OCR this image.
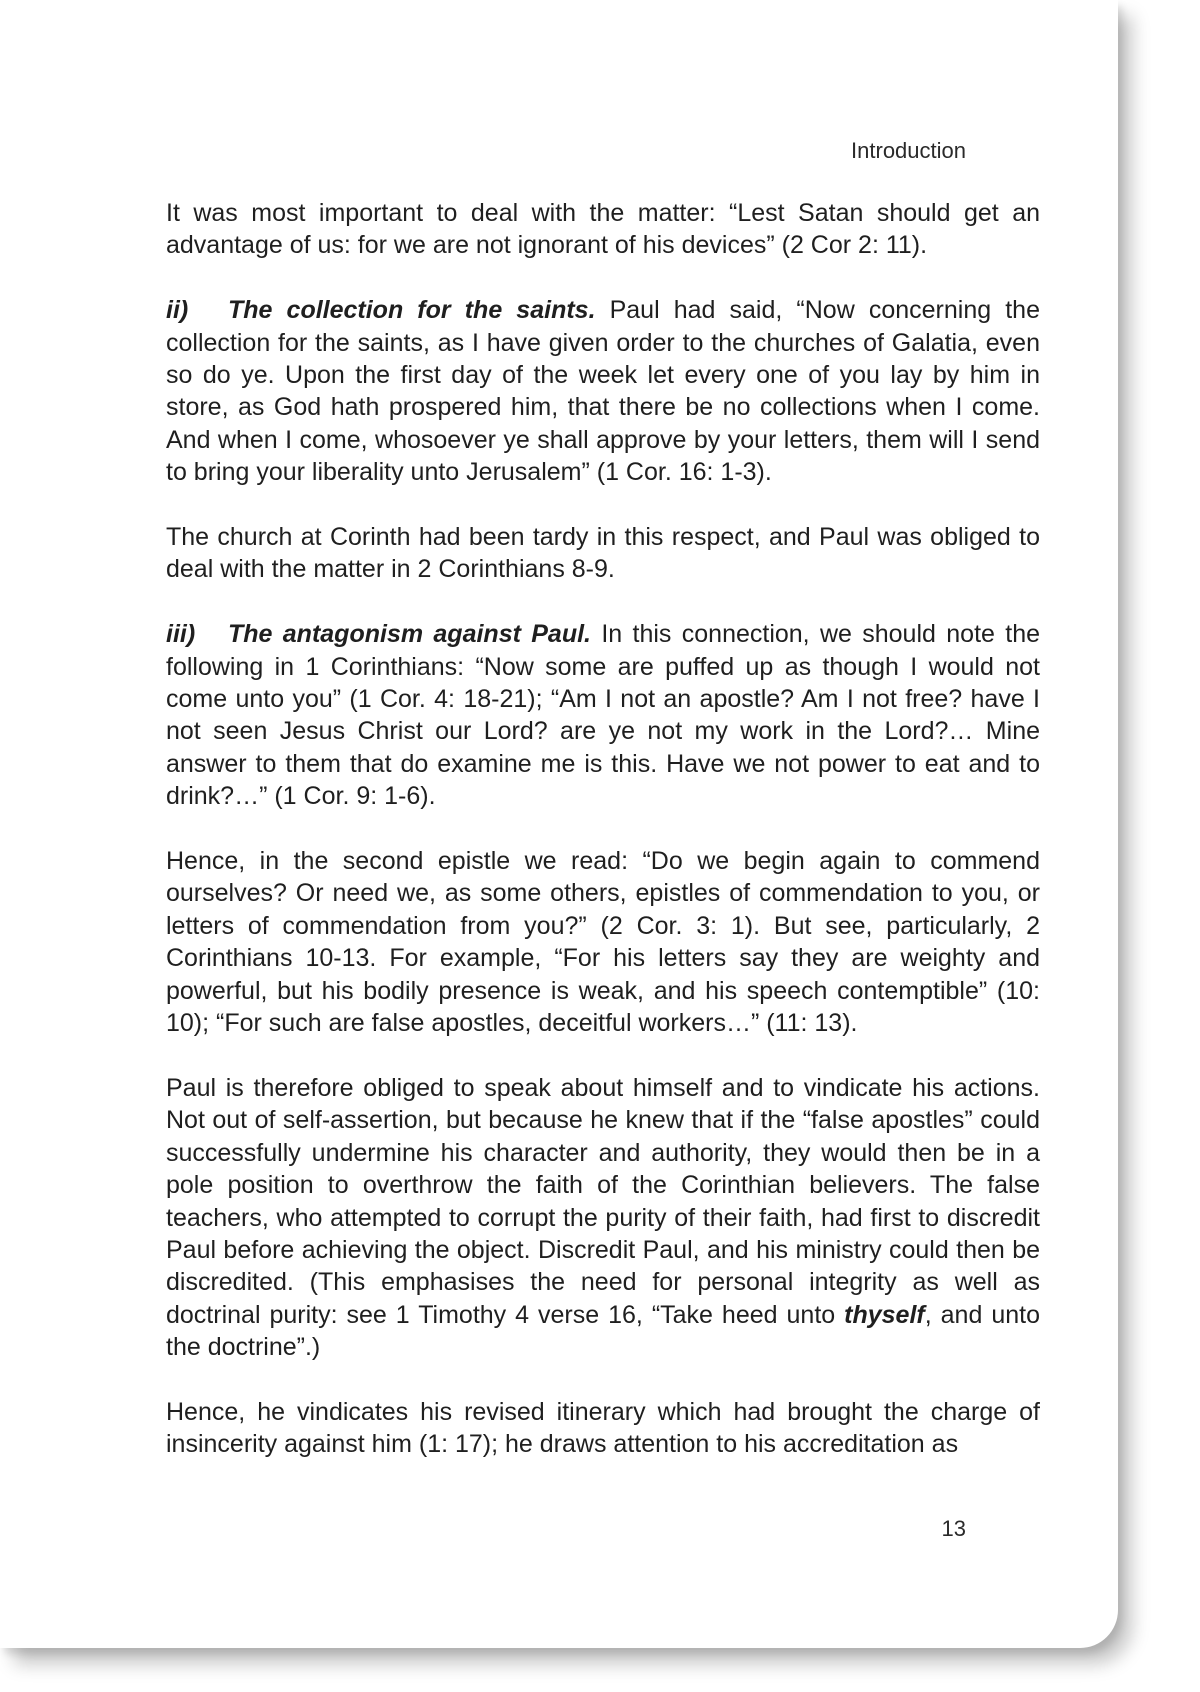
Introduction

It was most important to deal with the matter: “Lest Satan should get an advantage of us: for we are not ignorant of his devices” (2 Cor 2: 11).

ii) The collection for the saints. Paul had said, “Now concerning the collection for the saints, as I have given order to the churches of Galatia, even so do ye. Upon the first day of the week let every one of you lay by him in store, as God hath prospered him, that there be no collections when I come. And when I come, whosoever ye shall approve by your letters, them will I send to bring your liberality unto Jerusalem” (1 Cor. 16: 1-3).

The church at Corinth had been tardy in this respect, and Paul was obliged to deal with the matter in 2 Corinthians 8-9.

iii) The antagonism against Paul. In this connection, we should note the following in 1 Corinthians: “Now some are puffed up as though I would not come unto you” (1 Cor. 4: 18-21); “Am I not an apostle? Am I not free? have I not seen Jesus Christ our Lord? are ye not my work in the Lord?… Mine answer to them that do examine me is this. Have we not power to eat and to drink?…” (1 Cor. 9: 1-6).

Hence, in the second epistle we read: “Do we begin again to commend ourselves? Or need we, as some others, epistles of commendation to you, or letters of commendation from you?” (2 Cor. 3: 1). But see, particularly, 2 Corinthians 10-13. For example, “For his letters say they are weighty and powerful, but his bodily presence is weak, and his speech contemptible” (10: 10); “For such are false apostles, deceitful workers…” (11: 13).

Paul is therefore obliged to speak about himself and to vindicate his actions. Not out of self-assertion, but because he knew that if the “false apostles” could successfully undermine his character and authority, they would then be in a pole position to overthrow the faith of the Corinthian believers. The false teachers, who attempted to corrupt the purity of their faith, had first to discredit Paul before achieving the object. Discredit Paul, and his ministry could then be discredited. (This emphasises the need for personal integrity as well as doctrinal purity: see 1 Timothy 4 verse 16, “Take heed unto thyself, and unto the doctrine”.)

Hence, he vindicates his revised itinerary which had brought the charge of insincerity against him (1: 17); he draws attention to his accreditation as

13
